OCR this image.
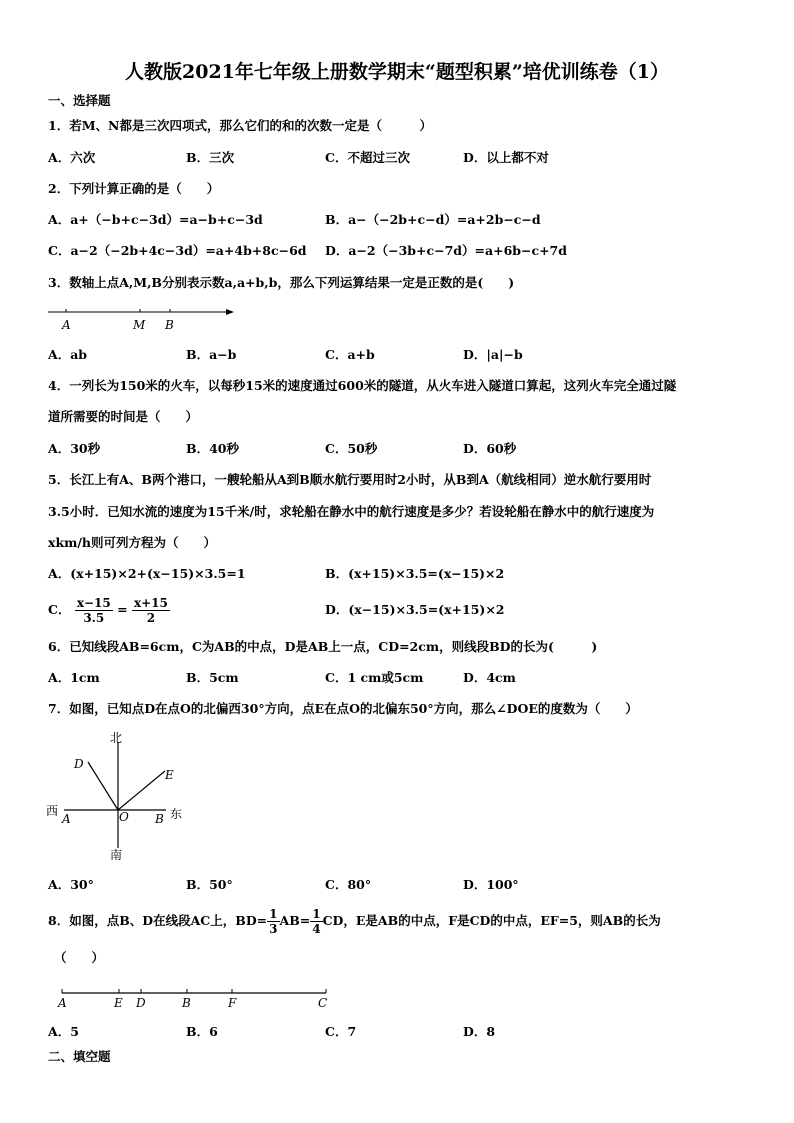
人教版2021年七年级上册数学期末“题型积累”培优训练卷（1）
一、选择题
1．若M、N都是三次四项式，那么它们的和的次数一定是（　　　）
A．六次	B．三次	C．不超过三次	D．以上都不对
2．下列计算正确的是（　　）
A．a+（−b+c−3d）=a−b+c−3d	B．a−（−2b+c−d）=a+2b−c−d
C．a−2（−2b+4c−3d）=a+4b+8c−6d D．a−2（−3b+c−7d）=a+6b−c+7d
3．数轴上点A,M,B分别表示数a,a+b,b，那么下列运算结果一定是正数的是(　　)
A	M B
A．ab	B．a−b	C．a+b	D．|a|−b
4．一列长为150米的火车，以每秒15米的速度通过600米的隧道，从火车进入隧道口算起，这列火车完全通过隧
道所需要的时间是（　　）
A．30秒	B．40秒	C．50秒	D．60秒
5．长江上有A、B两个港口，一艘轮船从A到B顺水航行要用时2小时，从B到A（航线相同）逆水航行要用时
3.5小时．已知水流的速度为15千米/时，求轮船在静水中的航行速度是多少？若设轮船在静水中的航行速度为
xkm/h则可列方程为（　　）
A．(x+15)×2+(x−15)×3.5=1	B．(x+15)×3.5=(x−15)×2
C． $\frac{x-15}{3.5} = \frac{x+15}{2}$	D．(x−15)×3.5=(x+15)×2
6．已知线段AB=6cm，C为AB的中点，D是AB上一点，CD=2cm，则线段BD的长为(　　　)
A．1cm	B．5cm	C．1 cm或5cm	D．4cm
7．如图，已知点D在点O的北偏西30°方向，点E在点O的北偏东50°方向，那么∠DOE的度数为（　　）
北
南
西	东
D
E
A	O B
A．30°	B．50°	C．80°	D．100°
8．如图，点B、D在线段AC上，$BD= \frac{1}{3} AB= \frac{1}{4}$ CD，E是AB的中点，F是CD的中点，EF=5，则AB的长为
（　　）
A	E D	B	F	C
A．5	B．6	C．7	D．8
二、填空题
